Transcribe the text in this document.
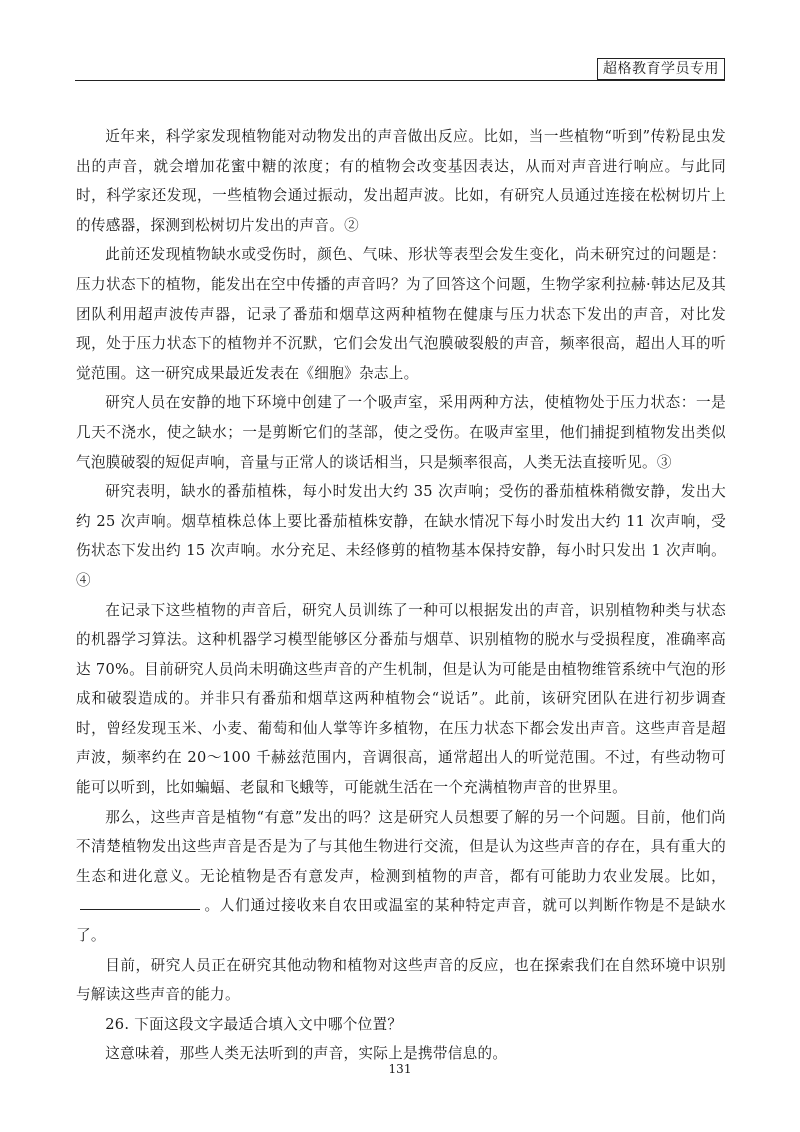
超格教育学员专用

近年来，科学家发现植物能对动物发出的声音做出反应。比如，当一些植物“听到”传粉昆虫发出的声音，就会增加花蜜中糖的浓度；有的植物会改变基因表达，从而对声音进行响应。与此同时，科学家还发现，一些植物会通过振动，发出超声波。比如，有研究人员通过连接在松树切片上的传感器，探测到松树切片发出的声音。②

此前还发现植物缺水或受伤时，颜色、气味、形状等表型会发生变化，尚未研究过的问题是：压力状态下的植物，能发出在空中传播的声音吗？为了回答这个问题，生物学家利拉赫·韩达尼及其团队利用超声波传声器，记录了番茄和烟草这两种植物在健康与压力状态下发出的声音，对比发现，处于压力状态下的植物并不沉默，它们会发出气泡膜破裂般的声音，频率很高，超出人耳的听觉范围。这一研究成果最近发表在《细胞》杂志上。

研究人员在安静的地下环境中创建了一个吸声室，采用两种方法，使植物处于压力状态：一是几天不浇水，使之缺水；一是剪断它们的茎部，使之受伤。在吸声室里，他们捕捉到植物发出类似气泡膜破裂的短促声响，音量与正常人的谈话相当，只是频率很高，人类无法直接听见。③

研究表明，缺水的番茄植株，每小时发出大约 35 次声响；受伤的番茄植株稍微安静，发出大约 25 次声响。烟草植株总体上要比番茄植株安静，在缺水情况下每小时发出大约 11 次声响，受伤状态下发出约 15 次声响。水分充足、未经修剪的植物基本保持安静，每小时只发出 1 次声响。④

在记录下这些植物的声音后，研究人员训练了一种可以根据发出的声音，识别植物种类与状态的机器学习算法。这种机器学习模型能够区分番茄与烟草、识别植物的脱水与受损程度，准确率高达 70%。目前研究人员尚未明确这些声音的产生机制，但是认为可能是由植物维管系统中气泡的形成和破裂造成的。并非只有番茄和烟草这两种植物会“说话”。此前，该研究团队在进行初步调查时，曾经发现玉米、小麦、葡萄和仙人掌等许多植物，在压力状态下都会发出声音。这些声音是超声波，频率约在 20～100 千赫兹范围内，音调很高，通常超出人的听觉范围。不过，有些动物可能可以听到，比如蝙蝠、老鼠和飞蛾等，可能就生活在一个充满植物声音的世界里。

那么，这些声音是植物“有意”发出的吗？这是研究人员想要了解的另一个问题。目前，他们尚不清楚植物发出这些声音是否是为了与其他生物进行交流，但是认为这些声音的存在，具有重大的生态和进化意义。无论植物是否有意发声，检测到植物的声音，都有可能助力农业发展。比如，。人们通过接收来自农田或温室的某种特定声音，就可以判断作物是不是缺水了。

目前，研究人员正在研究其他动物和植物对这些声音的反应，也在探索我们在自然环境中识别与解读这些声音的能力。

26. 下面这段文字最适合填入文中哪个位置？

这意味着，那些人类无法听到的声音，实际上是携带信息的。

131
